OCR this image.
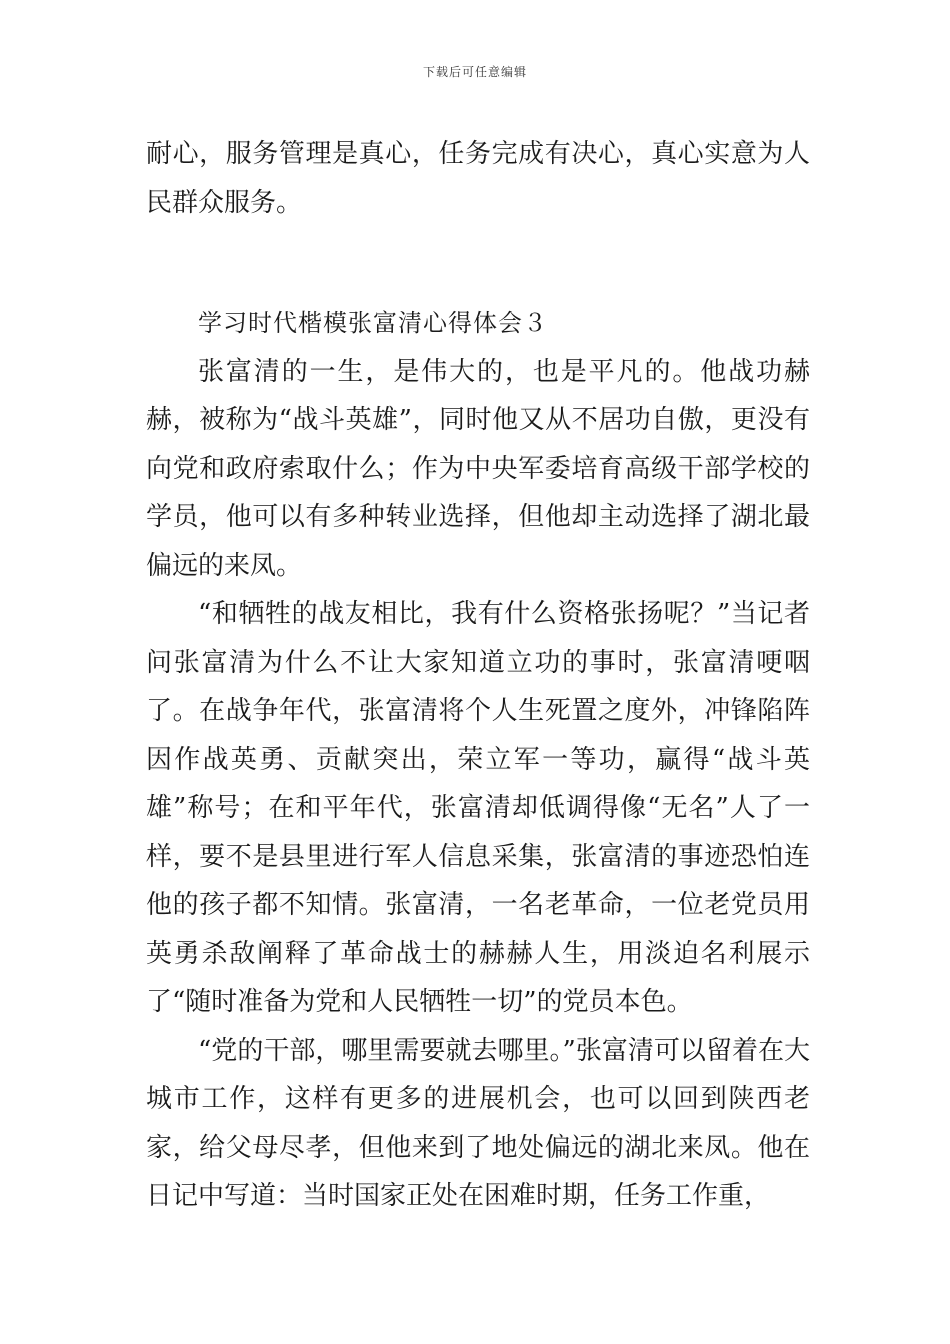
下载后可任意编辑

耐心，服务管理是真心，任务完成有决心，真心实意为人民群众服务。

学习时代楷模张富清心得体会３

张富清的一生，是伟大的，也是平凡的。他战功赫赫，被称为“战斗英雄”，同时他又从不居功自傲，更没有向党和政府索取什么；作为中央军委培育高级干部学校的学员，他可以有多种转业选择，但他却主动选择了湖北最偏远的来凤。

“和牺牲的战友相比，我有什么资格张扬呢？”当记者问张富清为什么不让大家知道立功的事时，张富清哽咽了。在战争年代，张富清将个人生死置之度外，冲锋陷阵因作战英勇、贡献突出，荣立军一等功，赢得“战斗英雄”称号；在和平年代，张富清却低调得像“无名”人了一样，要不是县里进行军人信息采集，张富清的事迹恐怕连他的孩子都不知情。张富清，一名老革命，一位老党员用英勇杀敌阐释了革命战士的赫赫人生，用淡迫名利展示了“随时准备为党和人民牺牲一切”的党员本色。

“党的干部，哪里需要就去哪里。”张富清可以留着在大城市工作，这样有更多的进展机会，也可以回到陕西老家，给父母尽孝，但他来到了地处偏远的湖北来凤。他在日记中写道：当时国家正处在困难时期，任务工作重，
